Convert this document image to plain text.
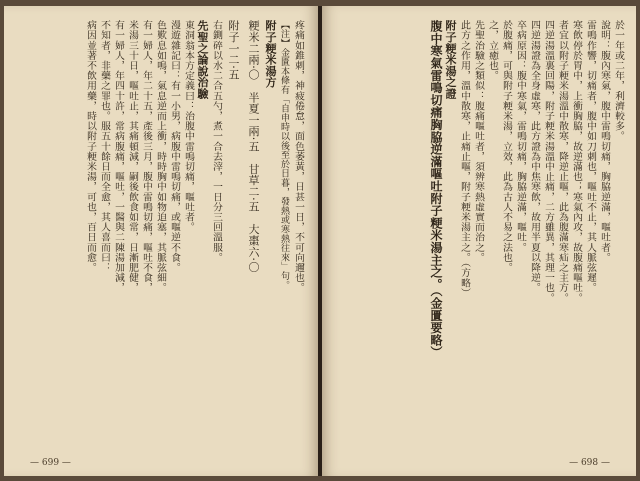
疼痛如錐刺，神疲倦怠，面色萎黃，日甚一日，不可向邇也。
【注】金匱本條有「自申時以後至於日暮，發熱或寒熱往來」句。
附子粳米湯方
粳米二兩·〇　半夏一兩·五　甘草二·五　大棗六·〇
附子一二·五
右鍘碎以水二合五勺，煮一合去滓，一日分三回溫服。
先聖之論說治驗
東洞翁本方定義曰：治腹中雷鳴切痛，嘔吐者。
漫遊雜記曰：有一小男，病腹中雷鳴切痛，或嘔逆不食。
色歎息如鳴，氣息逆而上衝，時時胸中如物迫塞，其脈弦細。
有一婦人，年二十五，產後三月，腹中雷鳴切痛，嘔吐不食，
米湯三十日，嘔吐止，其痛頓減，嗣後飲食如常，日漸肥健，
有一婦人，年四十許，常病腹痛，嘔吐，一醫與二陳湯加減，
不知者，非藥之罪也。服五十餘日而全愈，其人喜而曰：
病因並著不飲用藥，時以附子粳米湯，可也，百日而愈。
— 699 —
於一年或二年，利濟較多。
說明：腹內寒氣，腹中雷鳴切痛，胸脇逆滿，嘔吐者。
雷鳴作響，切痛者，腹中如刀刺也，嘔吐不止，其人脈弦遲。
寒飲停於胃中，上衝胸脇，故逆滿也；寒氣內攻，故腹痛嘔吐。
者宜以附子粳米湯溫中散寒，降逆止嘔，此為腹滿寒疝之主方。
四逆湯溫裏回陽，附子粳米湯溫中止痛，二方雖異，其理一也。
四逆湯證為全身虛寒，此方證為中焦寒飲，故用半夏以降逆。
卒病原因：腹中寒氣，雷鳴切痛，胸脇逆滿，嘔吐。
於腹痛，可與附子粳米湯，立效，此為古人不易之法也。
之，立癒也。
先聖治驗之類似：腹痛嘔吐者，須辨寒熱虛實而治之。
此方之作用，溫中散寒，止痛止嘔，附子粳米湯主之。（方略）
附子粳米湯之證
腹中寒氣雷鳴切痛胸脇逆滿嘔吐附子粳米湯主之。（金匱要略）
— 698 —
